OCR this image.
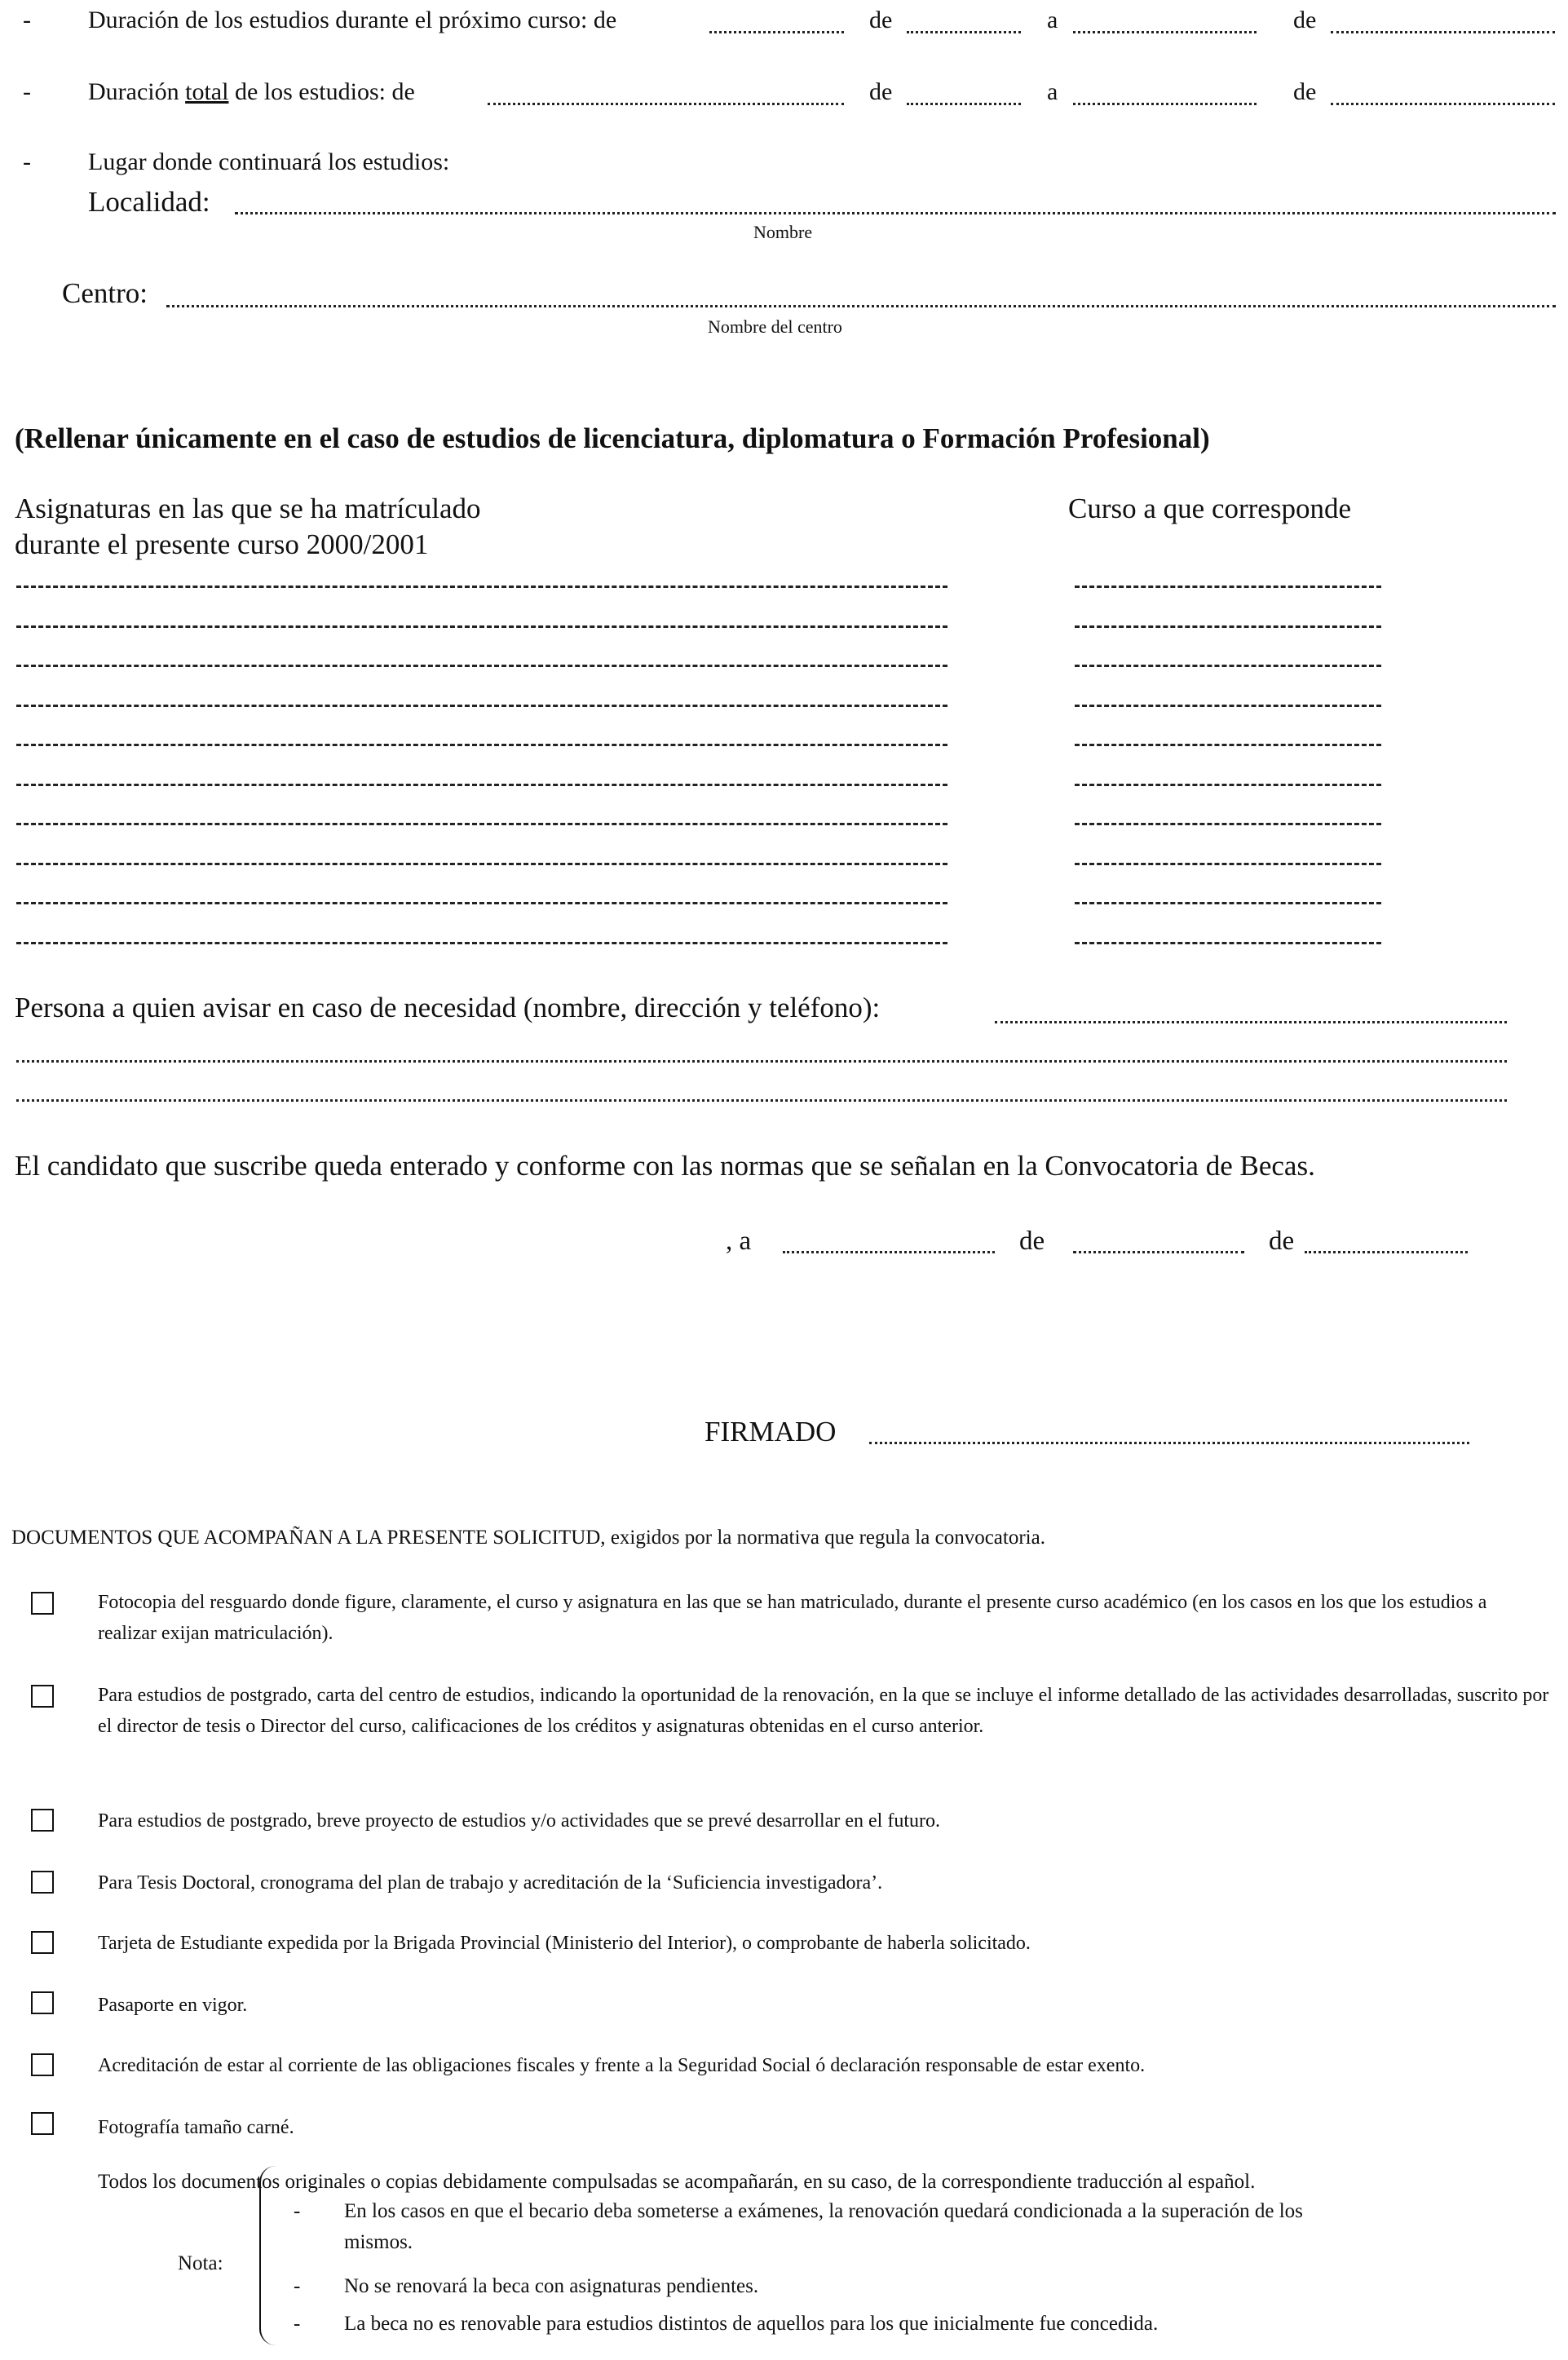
- Duración de los estudios durante el próximo curso: de	de	a	de
- Duración total de los estudios: de	de	a	de
- Lugar donde continuará los estudios:
Localidad:
Nombre
Centro:
Nombre del centro
(Rellenar únicamente en el caso de estudios de licenciatura, diplomatura o Formación Profesional)
Asignaturas en las que se ha matrículado
durante el presente curso 2000/2001
Curso a que corresponde
Persona a quien avisar en caso de necesidad (nombre, dirección y teléfono):
El candidato que suscribe queda enterado y conforme con las normas que se señalan en la Convocatoria de Becas.
, a	de	de
FIRMADO
DOCUMENTOS QUE ACOMPAÑAN A LA PRESENTE SOLICITUD, exigidos por la normativa que regula la convocatoria.
Fotocopia del resguardo donde figure, claramente, el curso y asignatura en las que se han matriculado, durante el presente curso académico (en los casos en los que los estudios a realizar exijan matriculación).
Para estudios de postgrado, carta del centro de estudios, indicando la oportunidad de la renovación, en la que se incluye el informe detallado de las actividades desarrolladas, suscrito por el director de tesis o Director del curso, calificaciones de los créditos y asignaturas obtenidas en el curso anterior.
Para estudios de postgrado, breve proyecto de estudios y/o actividades que se prevé desarrollar en el futuro.
Para Tesis Doctoral, cronograma del plan de trabajo y acreditación de la ‘Suficiencia investigadora’.
Tarjeta de Estudiante expedida por la Brigada Provincial (Ministerio del Interior), o comprobante de haberla solicitado.
Pasaporte en vigor.
Acreditación de estar al corriente de las obligaciones fiscales y frente a la Seguridad Social ó declaración responsable de estar exento.
Fotografía tamaño carné.
Todos los documentos originales o copias debidamente compulsadas se acompañarán, en su caso, de la correspondiente traducción al español.
Nota:
- En los casos en que el becario deba someterse a exámenes, la renovación quedará condicionada a la superación de los
mismos.
- No se renovará la beca con asignaturas pendientes.
- La beca no es renovable para estudios distintos de aquellos para los que inicialmente fue concedida.
